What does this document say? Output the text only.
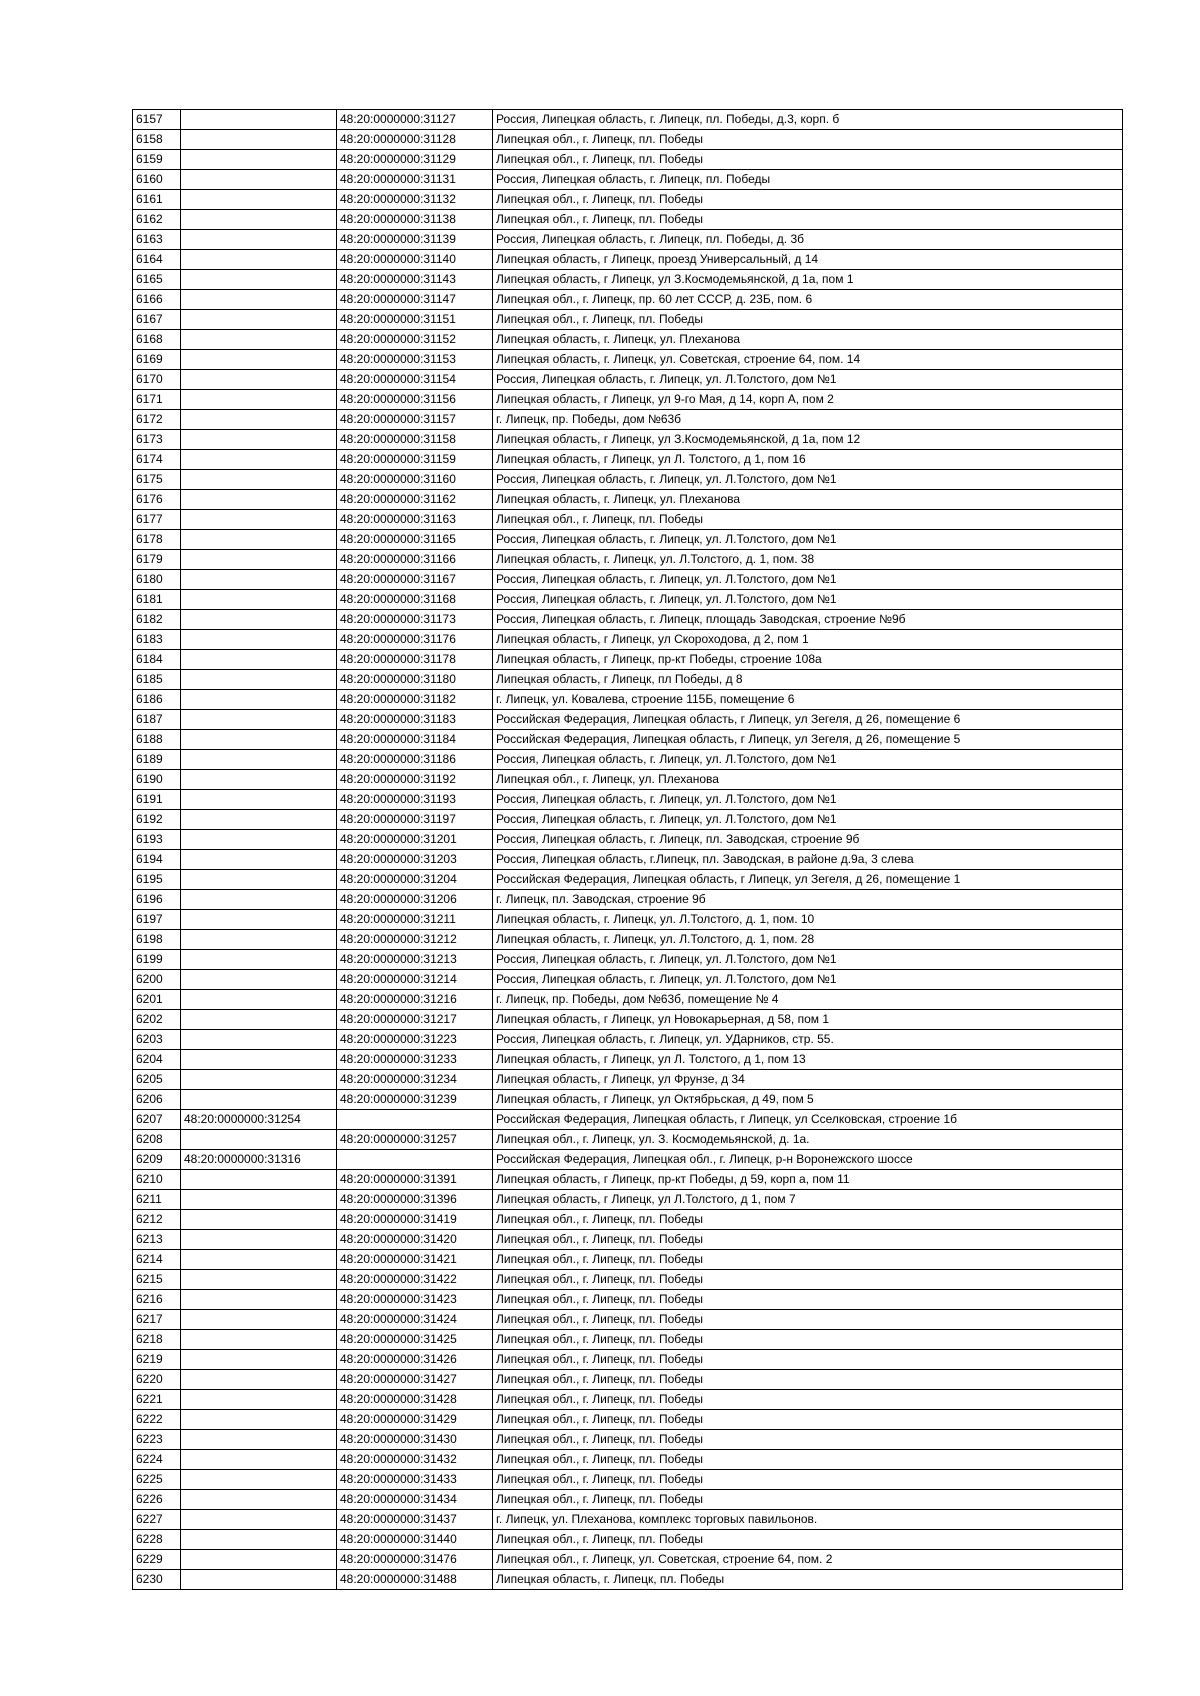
6157		48:20:0000000:31127	Россия, Липецкая область, г. Липецк, пл. Победы, д.3, корп. б
6158		48:20:0000000:31128	Липецкая обл., г. Липецк, пл. Победы
6159		48:20:0000000:31129	Липецкая обл., г. Липецк, пл. Победы
6160		48:20:0000000:31131	Россия, Липецкая область, г. Липецк, пл. Победы
6161		48:20:0000000:31132	Липецкая обл., г. Липецк, пл. Победы
6162		48:20:0000000:31138	Липецкая обл., г. Липецк, пл. Победы
6163		48:20:0000000:31139	Россия, Липецкая область, г. Липецк, пл. Победы, д. 3б
6164		48:20:0000000:31140	Липецкая область, г Липецк, проезд Универсальный, д 14
6165		48:20:0000000:31143	Липецкая область, г Липецк, ул З.Космодемьянской, д 1а, пом 1
6166		48:20:0000000:31147	Липецкая обл., г. Липецк, пр. 60 лет СССР, д. 23Б, пом. 6
6167		48:20:0000000:31151	Липецкая обл., г. Липецк, пл. Победы
6168		48:20:0000000:31152	Липецкая область, г. Липецк, ул. Плеханова
6169		48:20:0000000:31153	Липецкая область, г. Липецк, ул. Советская, строение 64, пом. 14
6170		48:20:0000000:31154	Россия, Липецкая область, г. Липецк, ул. Л.Толстого, дом №1
6171		48:20:0000000:31156	Липецкая область, г Липецк, ул 9-го Мая, д 14, корп А, пом 2
6172		48:20:0000000:31157	г. Липецк, пр. Победы, дом №63б
6173		48:20:0000000:31158	Липецкая область, г Липецк, ул З.Космодемьянской, д 1а, пом 12
6174		48:20:0000000:31159	Липецкая область, г Липецк, ул Л. Толстого, д 1, пом 16
6175		48:20:0000000:31160	Россия, Липецкая область, г. Липецк, ул. Л.Толстого, дом №1
6176		48:20:0000000:31162	Липецкая область, г. Липецк, ул. Плеханова
6177		48:20:0000000:31163	Липецкая обл., г. Липецк, пл. Победы
6178		48:20:0000000:31165	Россия, Липецкая область, г. Липецк, ул. Л.Толстого, дом №1
6179		48:20:0000000:31166	Липецкая область, г. Липецк, ул. Л.Толстого, д. 1, пом. 38
6180		48:20:0000000:31167	Россия, Липецкая область, г. Липецк, ул. Л.Толстого, дом №1
6181		48:20:0000000:31168	Россия, Липецкая область, г. Липецк, ул. Л.Толстого, дом №1
6182		48:20:0000000:31173	Россия, Липецкая область, г. Липецк, площадь Заводская, строение №9б
6183		48:20:0000000:31176	Липецкая область, г Липецк, ул Скороходова, д 2, пом 1
6184		48:20:0000000:31178	Липецкая область, г Липецк, пр-кт Победы, строение 108а
6185		48:20:0000000:31180	Липецкая область, г Липецк, пл Победы, д 8
6186		48:20:0000000:31182	г. Липецк, ул. Ковалева, строение 115Б, помещение 6
6187		48:20:0000000:31183	Российская Федерация, Липецкая область, г Липецк, ул Зегеля, д 26, помещение 6
6188		48:20:0000000:31184	Российская Федерация, Липецкая область, г Липецк, ул Зегеля, д 26, помещение 5
6189		48:20:0000000:31186	Россия, Липецкая область, г. Липецк, ул. Л.Толстого, дом №1
6190		48:20:0000000:31192	Липецкая обл., г. Липецк, ул. Плеханова
6191		48:20:0000000:31193	Россия, Липецкая область, г. Липецк, ул. Л.Толстого, дом №1
6192		48:20:0000000:31197	Россия, Липецкая область, г. Липецк, ул. Л.Толстого, дом №1
6193		48:20:0000000:31201	Россия, Липецкая область, г. Липецк, пл. Заводская, строение 9б
6194		48:20:0000000:31203	Россия, Липецкая область, г.Липецк, пл. Заводская, в районе д.9а, 3 слева
6195		48:20:0000000:31204	Российская Федерация, Липецкая область, г Липецк, ул Зегеля, д 26, помещение 1
6196		48:20:0000000:31206	г. Липецк, пл. Заводская, строение 9б
6197		48:20:0000000:31211	Липецкая область, г. Липецк, ул. Л.Толстого, д. 1, пом. 10
6198		48:20:0000000:31212	Липецкая область, г. Липецк, ул. Л.Толстого, д. 1, пом. 28
6199		48:20:0000000:31213	Россия, Липецкая область, г. Липецк, ул. Л.Толстого, дом №1
6200		48:20:0000000:31214	Россия, Липецкая область, г. Липецк, ул. Л.Толстого, дом №1
6201		48:20:0000000:31216	г. Липецк, пр. Победы, дом №63б, помещение № 4
6202		48:20:0000000:31217	Липецкая область, г Липецк, ул Новокарьерная, д 58, пом 1
6203		48:20:0000000:31223	Россия, Липецкая область, г. Липецк, ул. УДарников, стр. 55.
6204		48:20:0000000:31233	Липецкая область, г Липецк, ул Л. Толстого, д 1, пом 13
6205		48:20:0000000:31234	Липецкая область, г Липецк, ул Фрунзе, д 34
6206		48:20:0000000:31239	Липецкая область, г Липецк, ул Октябрьская, д 49, пом 5
6207	48:20:0000000:31254		Российская Федерация, Липецкая область, г Липецк, ул Сселковская, строение 1б
6208		48:20:0000000:31257	Липецкая обл., г. Липецк, ул. З. Космодемьянской, д. 1а.
6209	48:20:0000000:31316		Российская Федерация, Липецкая обл., г. Липецк, р-н Воронежского шоссе
6210		48:20:0000000:31391	Липецкая область, г Липецк, пр-кт Победы, д 59, корп а, пом 11
6211		48:20:0000000:31396	Липецкая область, г Липецк, ул Л.Толстого, д 1, пом 7
6212		48:20:0000000:31419	Липецкая обл., г. Липецк, пл. Победы
6213		48:20:0000000:31420	Липецкая обл., г. Липецк, пл. Победы
6214		48:20:0000000:31421	Липецкая обл., г. Липецк, пл. Победы
6215		48:20:0000000:31422	Липецкая обл., г. Липецк, пл. Победы
6216		48:20:0000000:31423	Липецкая обл., г. Липецк, пл. Победы
6217		48:20:0000000:31424	Липецкая обл., г. Липецк, пл. Победы
6218		48:20:0000000:31425	Липецкая обл., г. Липецк, пл. Победы
6219		48:20:0000000:31426	Липецкая обл., г. Липецк, пл. Победы
6220		48:20:0000000:31427	Липецкая обл., г. Липецк, пл. Победы
6221		48:20:0000000:31428	Липецкая обл., г. Липецк, пл. Победы
6222		48:20:0000000:31429	Липецкая обл., г. Липецк, пл. Победы
6223		48:20:0000000:31430	Липецкая обл., г. Липецк, пл. Победы
6224		48:20:0000000:31432	Липецкая обл., г. Липецк, пл. Победы
6225		48:20:0000000:31433	Липецкая обл., г. Липецк, пл. Победы
6226		48:20:0000000:31434	Липецкая обл., г. Липецк, пл. Победы
6227		48:20:0000000:31437	г. Липецк, ул. Плеханова, комплекс торговых павильонов.
6228		48:20:0000000:31440	Липецкая обл., г. Липецк, пл. Победы
6229		48:20:0000000:31476	Липецкая обл., г. Липецк, ул. Советская, строение 64, пом. 2
6230		48:20:0000000:31488	Липецкая область, г. Липецк, пл. Победы
